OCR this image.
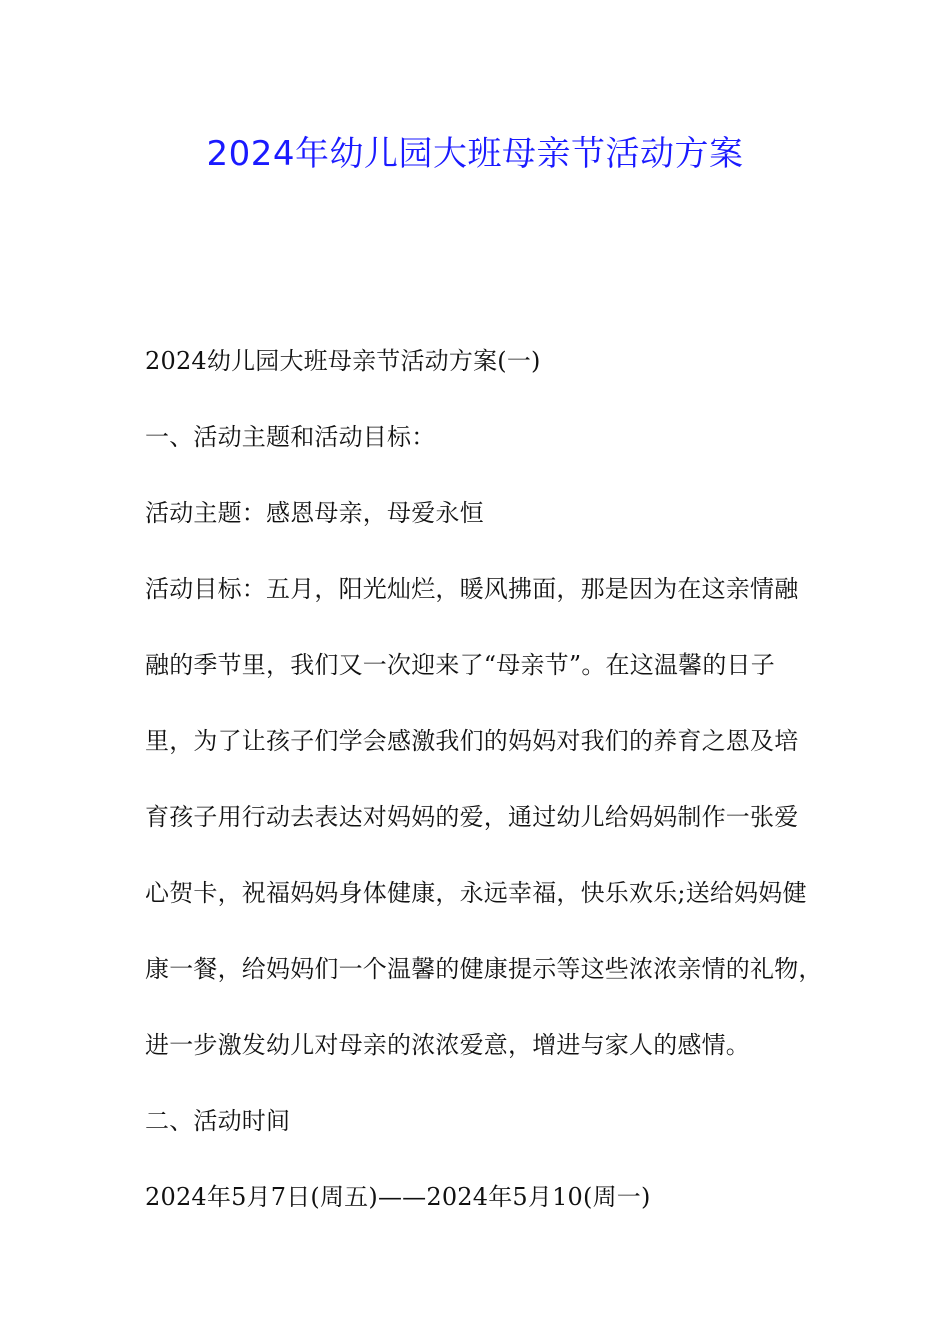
2024年幼儿园大班母亲节活动方案
2024幼儿园大班母亲节活动方案(一)
一、活动主题和活动目标：
活动主题：感恩母亲，母爱永恒
活动目标：五月，阳光灿烂，暖风拂面，那是因为在这亲情融
融的季节里，我们又一次迎来了“母亲节”。在这温馨的日子
里，为了让孩子们学会感激我们的妈妈对我们的养育之恩及培
育孩子用行动去表达对妈妈的爱，通过幼儿给妈妈制作一张爱
心贺卡，祝福妈妈身体健康，永远幸福，快乐欢乐;送给妈妈健
康一餐，给妈妈们一个温馨的健康提示等这些浓浓亲情的礼物，
进一步激发幼儿对母亲的浓浓爱意，增进与家人的感情。
二、活动时间
2024年5月7日(周五)——2024年5月10(周一)
